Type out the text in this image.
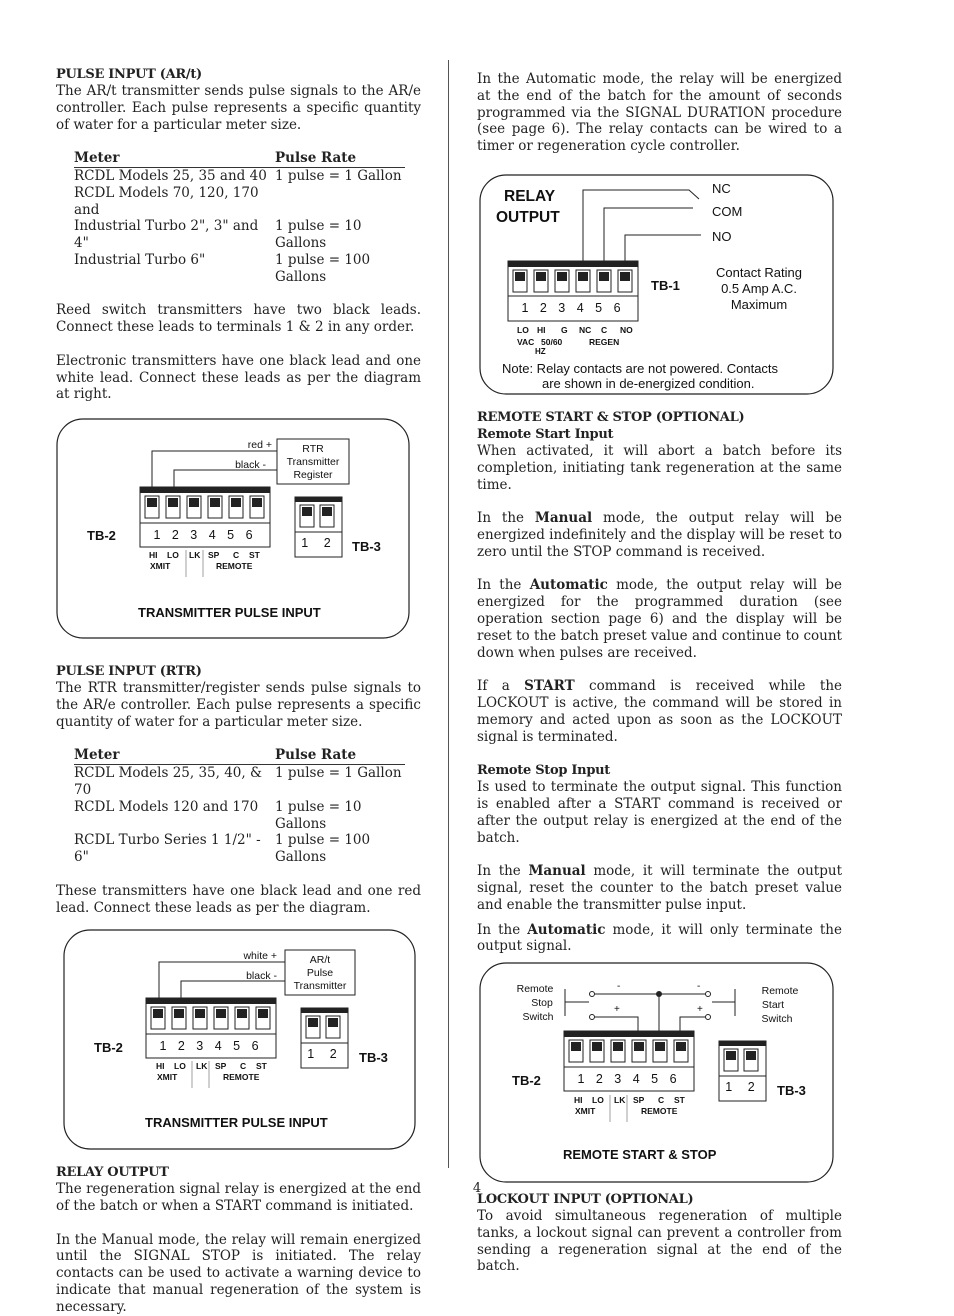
PULSE INPUT (AR/t)

The AR/t transmitter sends pulse signals to the AR/e controller. Each pulse represents a specific quantity of water for a particular meter size.

Meter	Pulse Rate
RCDL Models 25, 35 and 40	1 pulse = 1 Gallon
RCDL Models 70, 120, 170 and	
Industrial Turbo 2", 3" and 4"	1 pulse = 10 Gallons
Industrial Turbo 6"	1 pulse = 100 Gallons

Reed switch transmitters have two black leads. Connect these leads to terminals 1 & 2 in any order.

Electronic transmitters have one black lead and one white lead. Connect these leads as per the diagram at right.

red +
black -
RTR
Transmitter
Register
1 2 3 4 5 6
TB-2
HI LO LK SP C ST
XMIT	REMOTE
1 2 TB-3
TRANSMITTER PULSE INPUT
PULSE INPUT (RTR)

The RTR transmitter/register sends pulse signals to the AR/e controller. Each pulse represents a specific quantity of water for a particular meter size.

Meter	Pulse Rate
RCDL Models 25, 35, 40, & 70	1 pulse = 1 Gallon
RCDL Models 120 and 170	1 pulse = 10 Gallons
RCDL Turbo Series 1 1/2" - 6"	1 pulse = 100 Gallons

These transmitters have one black lead and one red lead. Connect these leads as per the diagram.

white +
black -
AR/t
Pulse
Transmitter
1 2 3 4 5 6
TB-2
HI LO LK SP C ST
XMIT	REMOTE
1 2 TB-3
TRANSMITTER PULSE INPUT
RELAY OUTPUT

The regeneration signal relay is energized at the end of the batch or when a START command is initiated.

In the Manual mode, the relay will remain energized until the SIGNAL STOP is initiated. The relay contacts can be used to activate a warning device to indicate that manual regeneration of the system is necessary.

In the Automatic mode, the relay will be energized at the end of the batch for the amount of seconds programmed via the SIGNAL DURATION procedure (see page 6). The relay contacts can be wired to a timer or regeneration cycle controller.

RELAY
OUTPUT
NC
COM
NO
1 2 3 4 5 6
TB-1
LO HI G NC C NO
VAC 50/60
HZ
REGEN
Contact Rating
0.5 Amp A.C.
Maximum
Note: Relay contacts are not powered. Contacts
are shown in de-energized condition.
REMOTE START & STOP (OPTIONAL)
Remote Start Input

When activated, it will abort a batch before its completion, initiating tank regeneration at the same time.

In the Manual mode, the output relay will be energized indefinitely and the display will be reset to zero until the STOP command is received.

In the Automatic mode, the output relay will be energized for the programmed duration (see operation section page 6) and the display will be reset to the batch preset value and continue to count down when pulses are received.

If a START command is received while the LOCKOUT is active, the command will be stored in memory and acted upon as soon as the LOCKOUT signal is terminated.

Remote Stop Input

Is used to terminate the output signal. This function is enabled after a START command is received or after the output relay is energized at the end of the batch.

In the Manual mode, it will terminate the output signal, reset the counter to the batch preset value and enable the transmitter pulse input.

In the Automatic mode, it will only terminate the output signal.

Remote
Stop
Switch
Remote
Start
Switch
-	-
+	+
1 2 3 4 5 6
TB-2
HI LO LK SP C ST
XMIT	REMOTE
1 2 TB-3
REMOTE START & STOP
LOCKOUT INPUT (OPTIONAL)

To avoid simultaneous regeneration of multiple tanks, a lockout signal can prevent a controller from sending a regeneration signal at the end of the batch.

4
